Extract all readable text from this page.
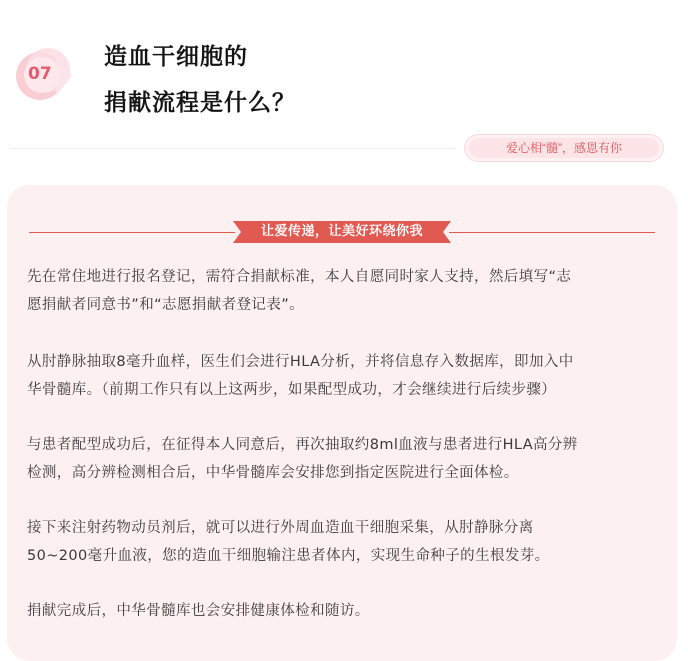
07
造血干细胞的
捐献流程是什么？
爱心相“髓”，感恩有你
让爱传递，让美好环绕你我
先在常住地进行报名登记，需符合捐献标准，本人自愿同时家人支持，然后填写“志
愿捐献者同意书”和“志愿捐献者登记表”。
从肘静脉抽取8毫升血样，医生们会进行HLA分析，并将信息存入数据库，即加入中
华骨髓库。（前期工作只有以上这两步，如果配型成功，才会继续进行后续步骤）
与患者配型成功后，在征得本人同意后，再次抽取约8ml血液与患者进行HLA高分辨
检测，高分辨检测相合后，中华骨髓库会安排您到指定医院进行全面体检。
接下来注射药物动员剂后，就可以进行外周血造血干细胞采集，从肘静脉分离
50~200毫升血液，您的造血干细胞输注患者体内，实现生命种子的生根发芽。
捐献完成后，中华骨髓库也会安排健康体检和随访。
